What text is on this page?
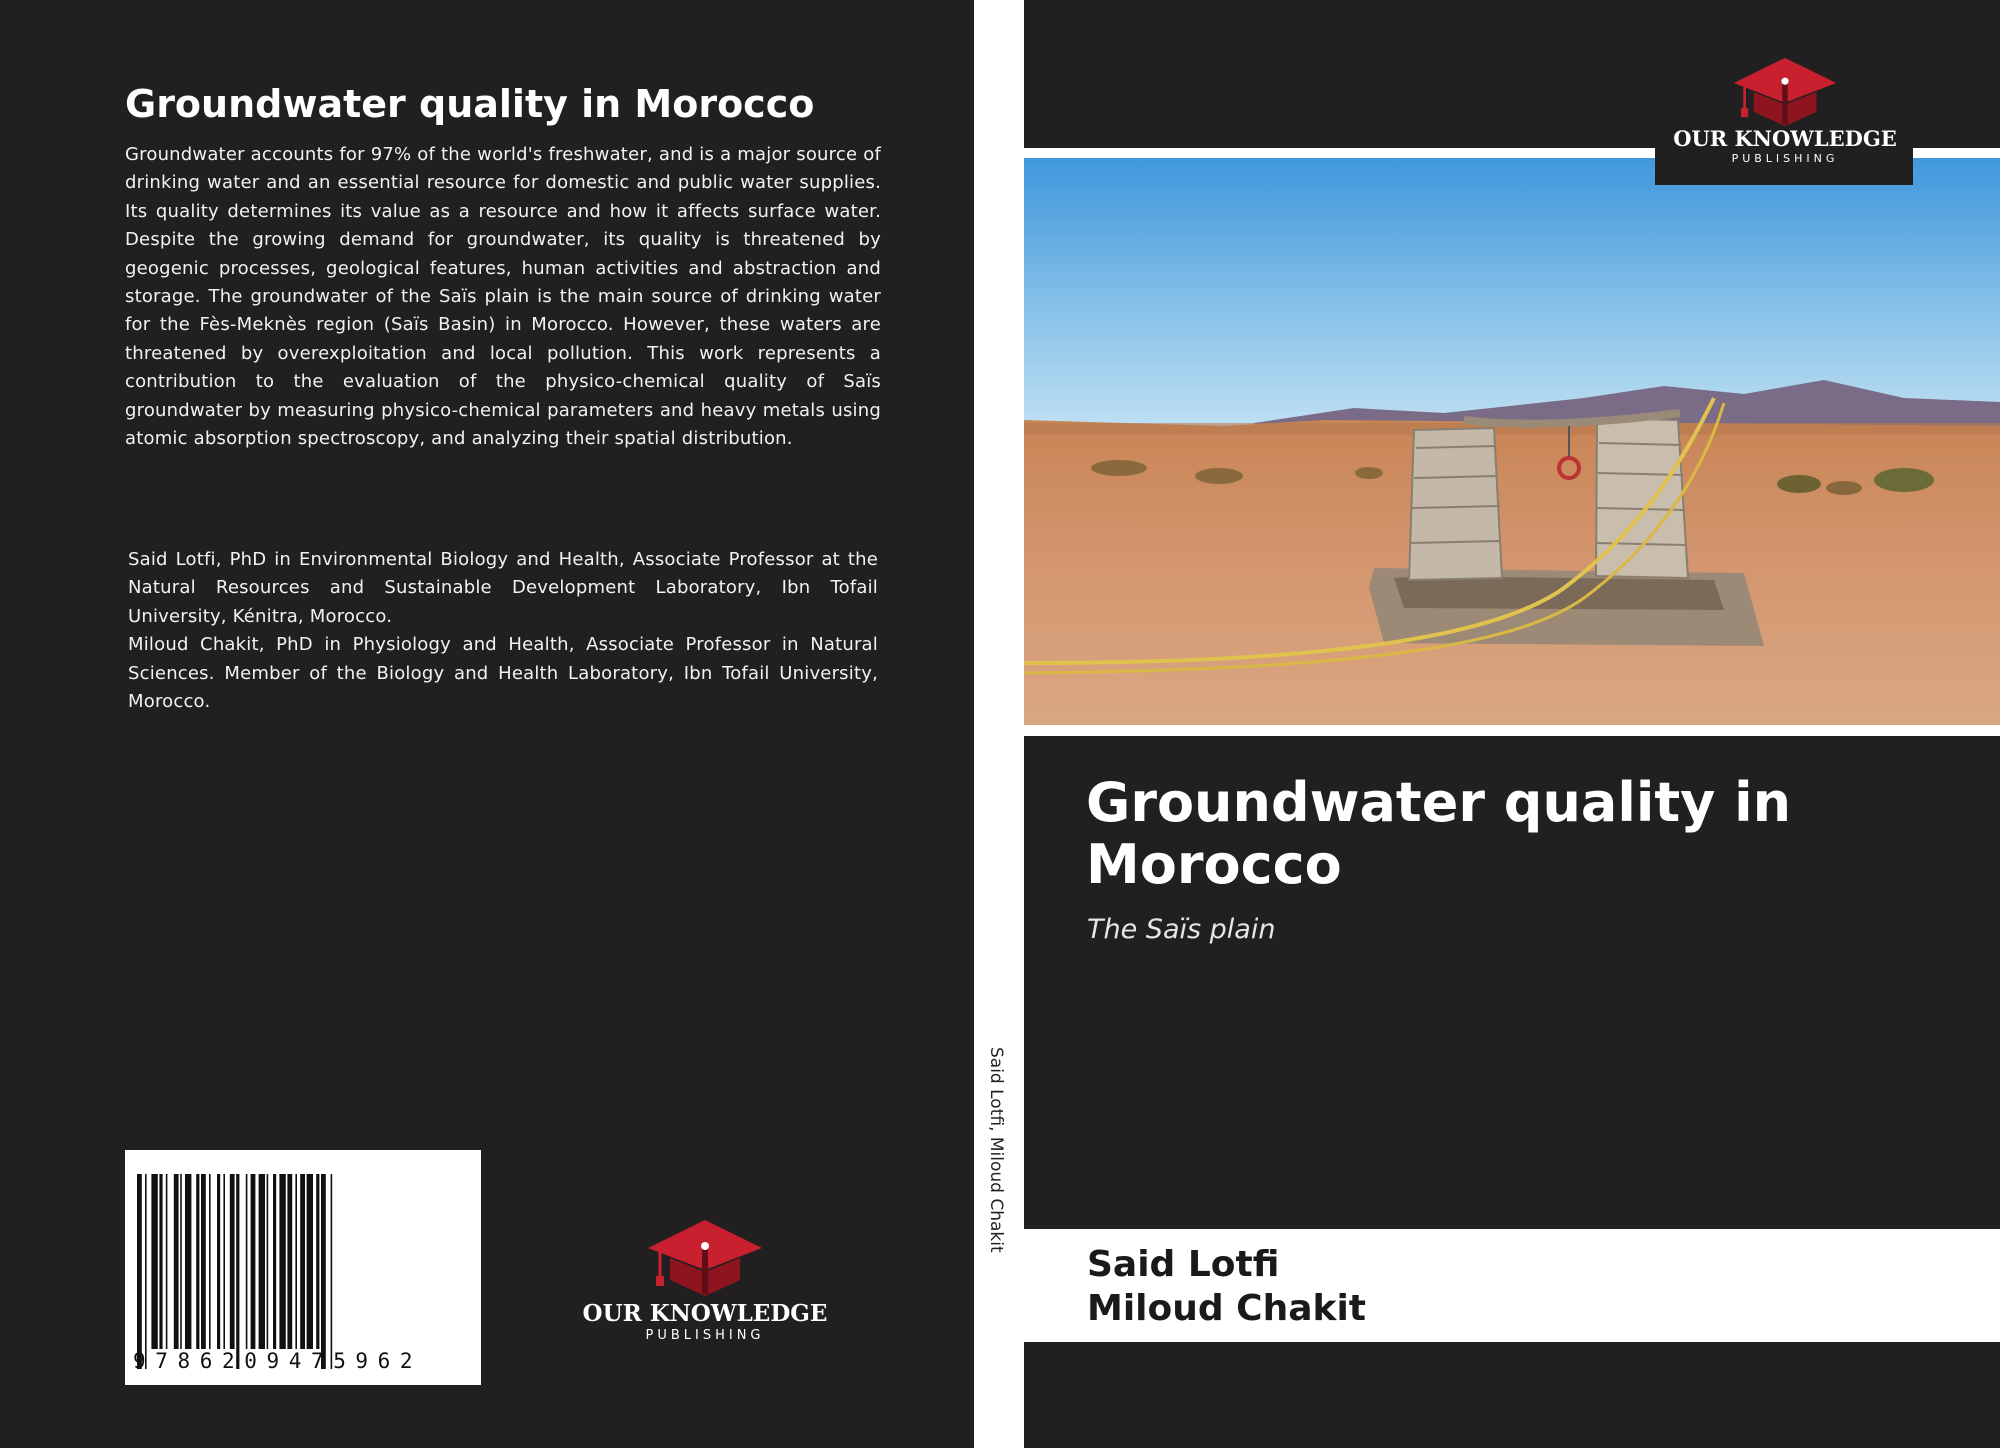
Groundwater quality in Morocco

Groundwater accounts for 97% of the world's freshwater, and is a major source of drinking water and an essential resource for domestic and public water supplies. Its quality determines its value as a resource and how it affects surface water. Despite the growing demand for groundwater, its quality is threatened by geogenic processes, geological features, human activities and abstraction and storage. The groundwater of the Saïs plain is the main source of drinking water for the Fès-Meknès region (Saïs Basin) in Morocco. However, these waters are threatened by overexploitation and local pollution. This work represents a contribution to the evaluation of the physico-chemical quality of Saïs groundwater by measuring physico-chemical parameters and heavy metals using atomic absorption spectroscopy, and analyzing their spatial distribution.

Said Lotfi, PhD in Environmental Biology and Health, Associate Professor at the Natural Resources and Sustainable Development Laboratory, Ibn Tofail University, Kénitra, Morocco.

Miloud Chakit, PhD in Physiology and Health, Associate Professor in Natural Sciences. Member of the Biology and Health Laboratory, Ibn Tofail University, Morocco.

9786209475962

OUR KNOWLEDGE

PUBLISHING

Said Lotfi, Miloud Chakit

OUR KNOWLEDGE

PUBLISHING

Groundwater quality in Morocco

The Saïs plain

Said Lotfi

Miloud Chakit
